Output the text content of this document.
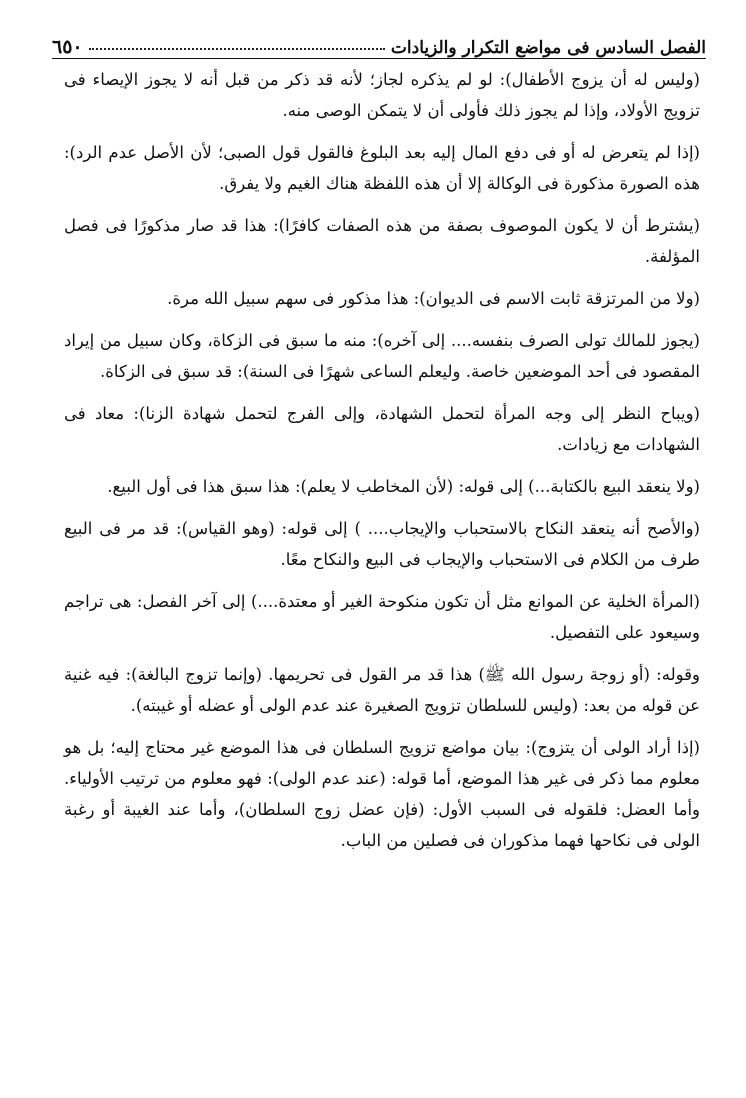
الفصل السادس فى مواضع التكرار والزيادات
٦٥٠

(وليس له أن يزوج الأطفال): لو لم يذكره لجاز؛ لأنه قد ذكر من قبل أنه لا يجوز الإيصاء فى تزويج الأولاد، وإذا لم يجوز ذلك فأولى أن لا يتمكن الوصى منه.

(إذا لم يتعرض له أو فى دفع المال إليه بعد البلوغ فالقول قول الصبى؛ لأن الأصل عدم الرد): هذه الصورة مذكورة فى الوكالة إلا أن هذه اللفظة هناك الغيم ولا يفرق.

(يشترط أن لا يكون الموصوف بصفة من هذه الصفات كافرًا): هذا قد صار مذكورًا فى فصل المؤلفة.

(ولا من المرتزقة ثابت الاسم فى الديوان): هذا مذكور فى سهم سبيل الله مرة.

(يجوز للمالك تولى الصرف بنفسه.... إلى آخره): منه ما سبق فى الزكاة، وكان سبيل من إيراد المقصود فى أحد الموضعين خاصة. وليعلم الساعى شهرًا فى السنة): قد سبق فى الزكاة.

(ويباح النظر إلى وجه المرأة لتحمل الشهادة، وإلى الفرج لتحمل شهادة الزنا): معاد فى الشهادات مع زيادات.

(ولا ينعقد البيع بالكتابة...) إلى قوله: (لأن المخاطب لا يعلم): هذا سبق هذا فى أول البيع.

(والأصح أنه ينعقد النكاح بالاستحباب والإيجاب.... ) إلى قوله: (وهو القياس): قد مر فى البيع طرف من الكلام فى الاستحباب والإيجاب فى البيع والنكاح معًا.

(المرأة الخلية عن الموانع مثل أن تكون منكوحة الغير أو معتدة....) إلى آخر الفصل: هى تراجم وسيعود على التفصيل.

وقوله: (أو زوجة رسول الله ﷺ) هذا قد مر القول فى تحريمها. (وإنما تزوج البالغة): فيه غنية عن قوله من بعد: (وليس للسلطان تزويج الصغيرة عند عدم الولى أو عضله أو غيبته).

(إذا أراد الولى أن يتزوج): بيان مواضع تزويج السلطان فى هذا الموضع غير محتاج إليه؛ بل هو معلوم مما ذكر فى غير هذا الموضع، أما قوله: (عند عدم الولى): فهو معلوم من ترتيب الأولياء. وأما العضل: فلقوله فى السبب الأول: (فإن عضل زوج السلطان)، وأما عند الغيبة أو رغبة الولى فى نكاحها فهما مذكوران فى فصلين من الباب.
